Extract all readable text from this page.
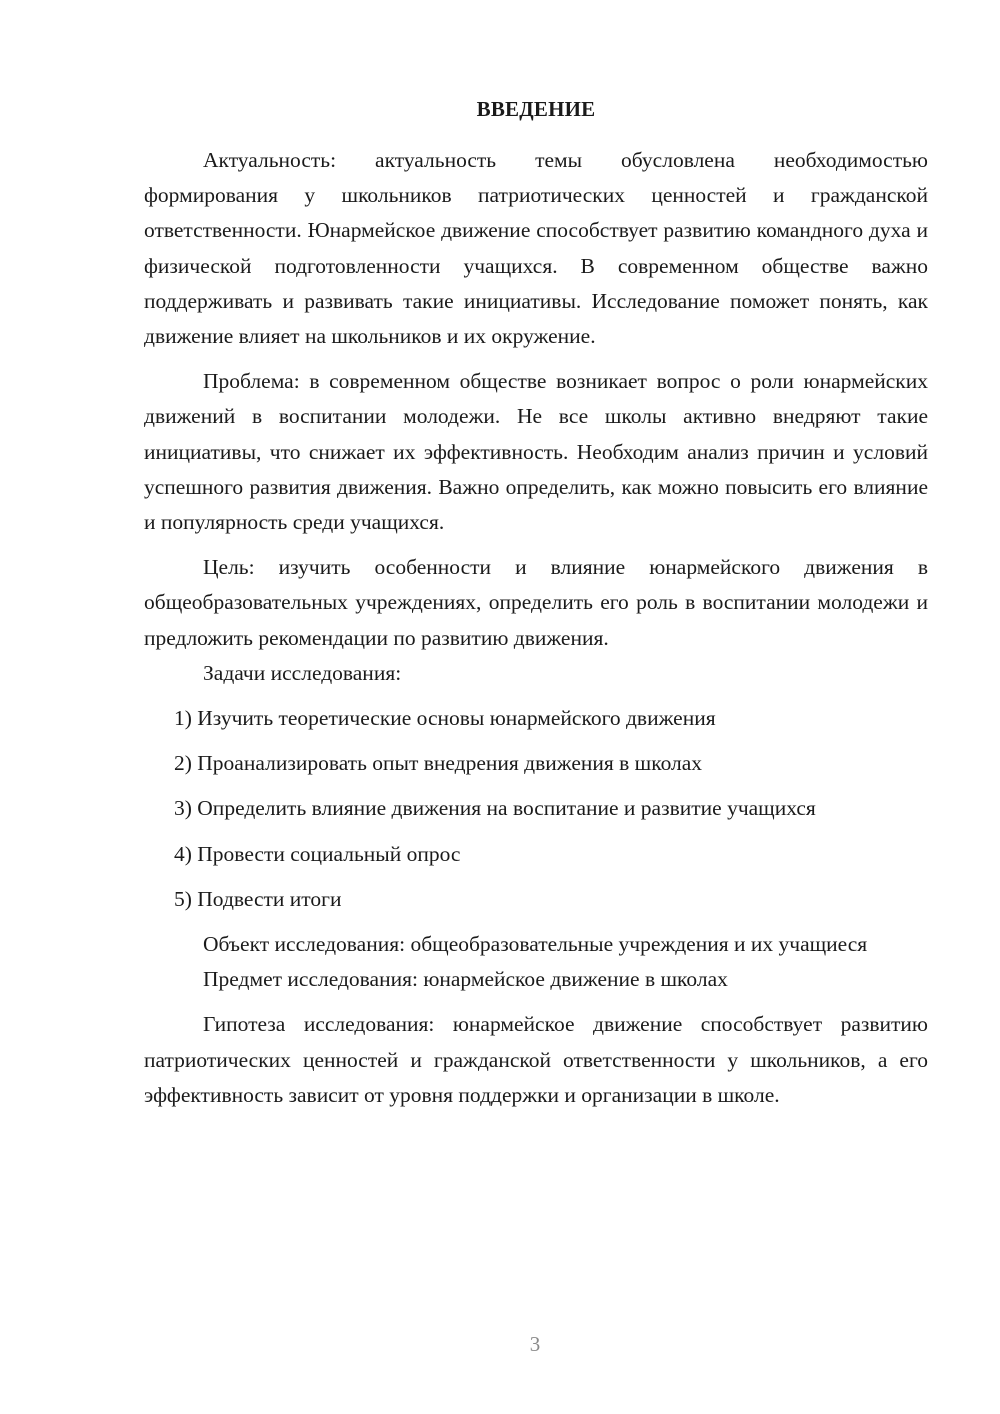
ВВЕДЕНИЕ

Актуальность: актуальность темы обусловлена необходимостью формирования у школьников патриотических ценностей и гражданской ответственности. Юнармейское движение способствует развитию командного духа и физической подготовленности учащихся. В современном обществе важно поддерживать и развивать такие инициативы. Исследование поможет понять, как движение влияет на школьников и их окружение.

Проблема: в современном обществе возникает вопрос о роли юнармейских движений в воспитании молодежи. Не все школы активно внедряют такие инициативы, что снижает их эффективность. Необходим анализ причин и условий успешного развития движения. Важно определить, как можно повысить его влияние и популярность среди учащихся.

Цель: изучить особенности и влияние юнармейского движения в общеобразовательных учреждениях, определить его роль в воспитании молодежи и предложить рекомендации по развитию движения.

Задачи исследования:

1) Изучить теоретические основы юнармейского движения
2) Проанализировать опыт внедрения движения в школах
3) Определить влияние движения на воспитание и развитие учащихся
4) Провести социальный опрос
5) Подвести итоги

Объект исследования: общеобразовательные учреждения и их учащиеся

Предмет исследования: юнармейское движение в школах

Гипотеза исследования: юнармейское движение способствует развитию патриотических ценностей и гражданской ответственности у школьников, а его эффективность зависит от уровня поддержки и организации в школе.

3
